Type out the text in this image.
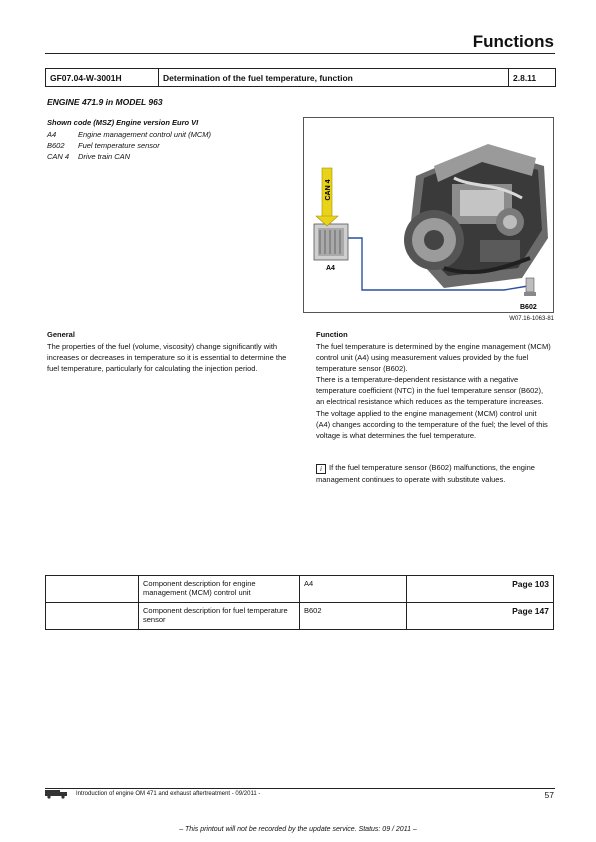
Functions
GF07.04-W-3001H	Determination of the fuel temperature, function	2.8.11
ENGINE 471.9 in MODEL 963
Shown code (MSZ) Engine version Euro VI
A4	Engine management control unit (MCM)
B602	Fuel temperature sensor
CAN 4	Drive train CAN
CAN 4
A4
B602
W07.16-1063-81
General
The properties of the fuel (volume, viscosity) change significantly with increases or decreases in temperature so it is essential to determine the fuel temperature, particularly for calculating the injection period.
Function
The fuel temperature is determined by the engine management (MCM) control unit (A4) using measurement values provided by the fuel temperature sensor (B602).
There is a temperature-dependent resistance with a negative temperature coefficient (NTC) in the fuel temperature sensor (B602), an electrical resistance which reduces as the temperature increases. The voltage applied to the engine management (MCM) control unit (A4) changes according to the temperature of the fuel; the level of this voltage is what determines the fuel temperature.
i If the fuel temperature sensor (B602) malfunctions, the engine management continues to operate with substitute values.
	Component description for engine management (MCM) control unit	A4	Page 103
	Component description for fuel temperature sensor	B602	Page 147
Introduction of engine OM 471 and exhaust aftertreatment - 09/2011 -	57
– This printout will not be recorded by the update service. Status: 09 / 2011 –
